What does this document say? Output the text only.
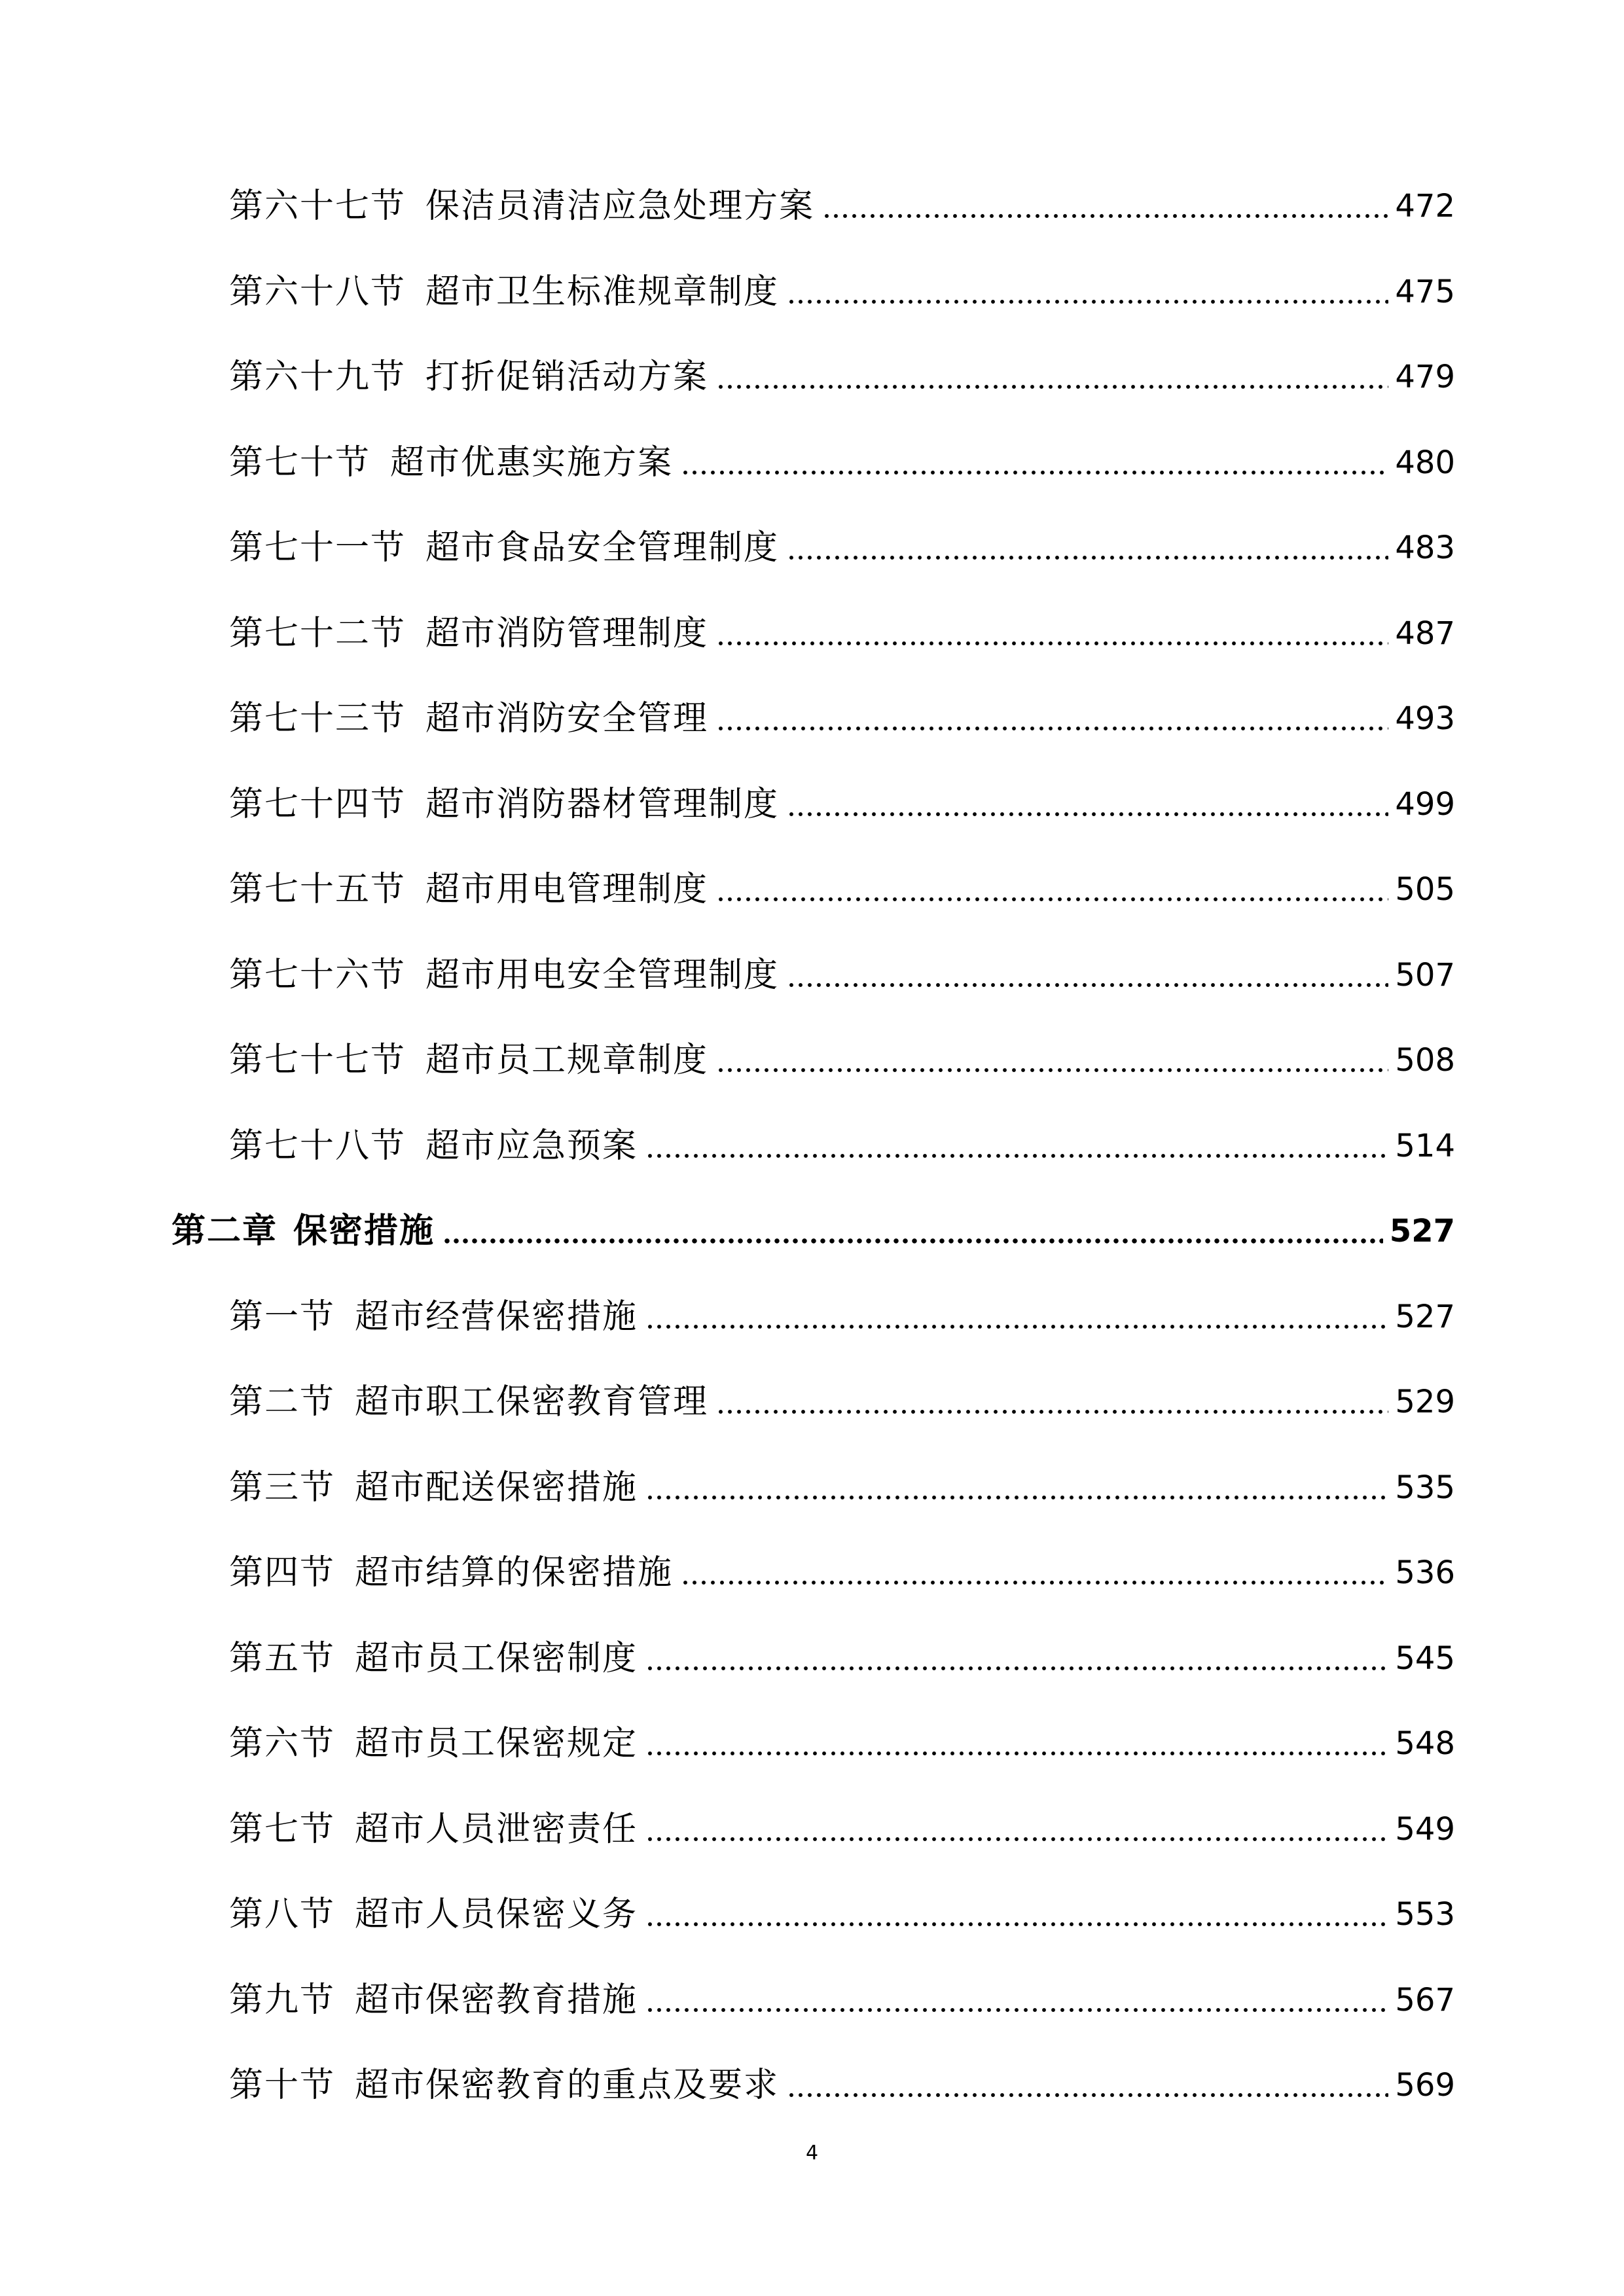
第六十七节 保洁员清洁应急处理方案	472
第六十八节 超市卫生标准规章制度	475
第六十九节 打折促销活动方案	479
第七十节 超市优惠实施方案	480
第七十一节 超市食品安全管理制度	483
第七十二节 超市消防管理制度	487
第七十三节 超市消防安全管理	493
第七十四节 超市消防器材管理制度	499
第七十五节 超市用电管理制度	505
第七十六节 超市用电安全管理制度	507
第七十七节 超市员工规章制度	508
第七十八节 超市应急预案	514
第二章 保密措施	527
第一节 超市经营保密措施	527
第二节 超市职工保密教育管理	529
第三节 超市配送保密措施	535
第四节 超市结算的保密措施	536
第五节 超市员工保密制度	545
第六节 超市员工保密规定	548
第七节 超市人员泄密责任	549
第八节 超市人员保密义务	553
第九节 超市保密教育措施	567
第十节 超市保密教育的重点及要求	569
4
